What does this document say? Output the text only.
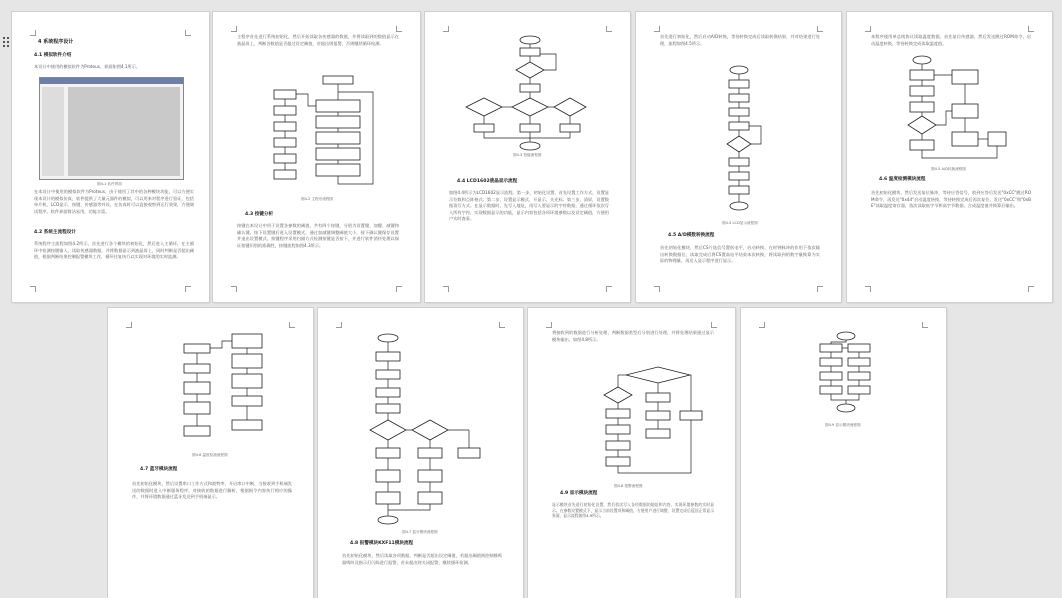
4 系统程序设计
4.1 模拟软件介绍
本设计中使用的模拟软件为Proteus，界面如图4.1所示。
图4.1 软件界面
在本设计中使用的模拟软件为Proteus，由于使用了其中的各种模块功能，可以方便实现本设计的模拟仿真，软件提供了大量元器件的模拟，可以用来对程序进行验证，包括单片机、LCD显示、按键、传感器等外设，在仿真时可以直接观察到运行效果，方便调试程序。软件界面简洁易用，功能丰富。
4.2 系统主流程设计
系统程序主流程如图4.2所示，首先进行各个模块的初始化，然后进入主循环，在主循环中检测按键输入，读取传感器数据，并将数据显示到液晶屏上，同时判断是否超出阈值，根据判断结果控制报警模块工作，循环往复执行以实现对环境的实时监测。
主程序首先进行系统初始化，然后开始读取各传感器的数值，并将读取到的数值显示在液晶屏上，判断各数值是否超过设定阈值，若超出则报警，否则继续循环检测。
图4.2 主程序流程图
4.3 按键分析
按键在本设计中用于设置各参数的阈值，共有四个按键，分别为设置键、加键、减键和确认键。按下设置键后进入设置模式，通过加减键调整阈值大小，按下确认键保存设置并退出设置模式。按键程序采用扫描方式检测按键是否按下，并进行软件消抖处理以保证按键识别的准确性，按键流程如图4.3所示。
图4.3 按键流程图
4.4 LCD1602液晶显示流程
如图4.4所示为LCD1602显示流程。第一步，初始化设置，首先设置工作方式，设置显示位数和点阵格式；第二步，设置显示模式，开显示、关光标；第三步，清屏，设置数据读写方式。在显示数据时，先写入地址，再写入要显示的字符数据，通过循环依次写入所有字符，实现数据显示的功能，显示内容包括各项环境参数以及设定阈值，方便用户实时查看。
首先进行初始化，然后启动A/D转换，等待转换完成后读取转换结果，并对结果进行处理，流程如图4.5所示。
图4.4 LCD显示流程图
4.5 A/D模数转换流程
首先初始化模块，然后CS片选信号置低电平，启动转换，在时钟脉冲的作用下依次输出转换数据位，读取完成后将CS置高电平结束本次转换，将读取到的数字量换算为实际的物理量，再送入显示程序进行显示。
本程序使用单总线协议读取温度数据，首先复位传感器，然后发送跳过ROM命令，启动温度转换，等待转换完成读取温度值。
图4.5 A/D转换流程图
4.6 温度检测模块流程
首先初始化模块，然后发送复位脉冲，等待应答信号，收到应答后发送"0xCC"跳过ROM命令，再发送"0x44"启动温度转换，等待转换完成后再次复位，发送"0xCC"和"0xBE"读取温度寄存器，依次读取低字节和高字节数据，合成温度值并换算后输出。
图4.6 温度检测流程图
4.7 蓝牙模块流程
首先初始化模块，然后设置串口工作方式和波特率，开启串口中断，当接收到手机端发送的数据时进入中断服务程序，对接收的数据进行解析，根据指令内容执行相应的操作，并将环境数据通过蓝牙发送到手机端显示。
图4.7 蓝牙模块流程图
4.8 报警模块KXF11模块流程
首先初始化模块，然后读取各项数据，判断是否超出设定阈值，若超出阈值则控制蜂鸣器鸣叫及指示灯闪烁进行报警，若未超出则关闭报警，继续循环检测。
将接收到的数据进行分析处理，判断数据类型后分别进行处理，并将处理结果通过显示模块输出，如图4.8所示。
图4.8 报警流程图
4.9 显示模块流程
显示模块首先进行初始化设置，然后依次写入各项数据的地址和内容，实现环境参数的实时显示。在参数设置模式下，显示当前设置项和阈值，方便用户进行调整，设置完成后返回正常显示界面，显示流程如图4.9所示。
图4.9 显示模块流程图
